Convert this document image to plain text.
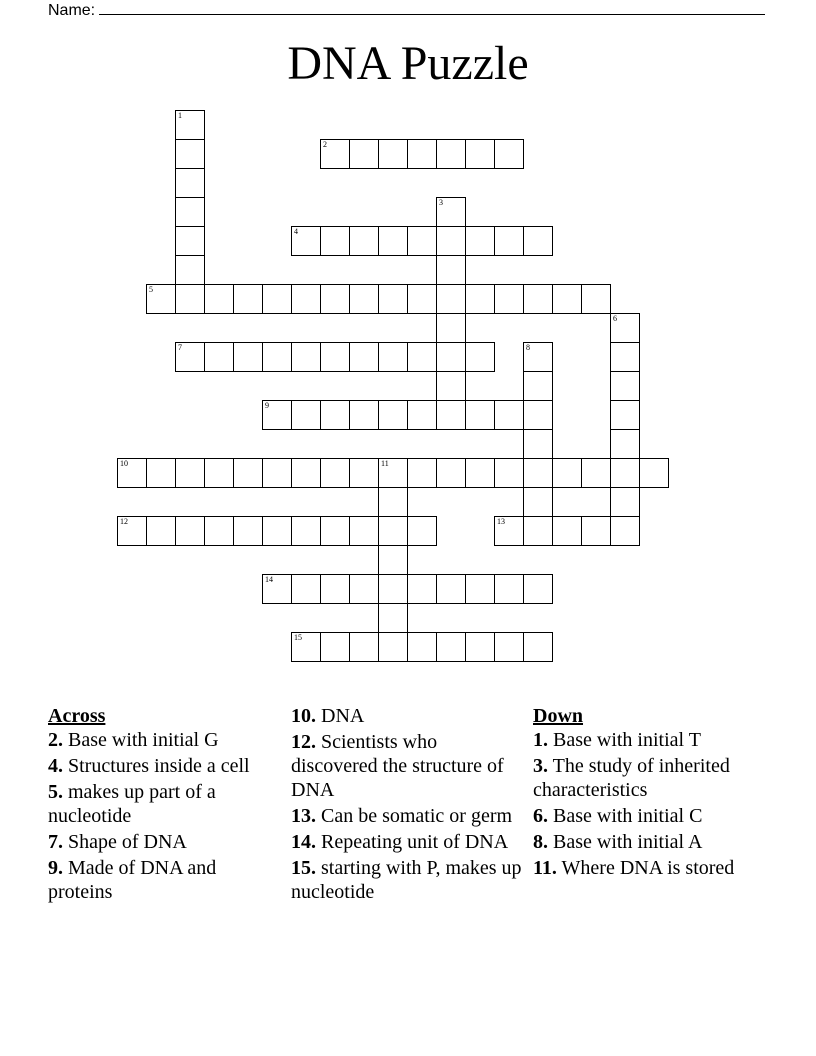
Name:
DNA Puzzle
1
2
3
4
5
6
7	8
9
10	11
12	13
14
15
Across
2. Base with initial G
4. Structures inside a cell
5. makes up part of a nucleotide
7. Shape of DNA
9. Made of DNA and proteins
10. DNA
12. Scientists who discovered the structure of DNA
13. Can be somatic or germ
14. Repeating unit of DNA
15. starting with P, makes up nucleotide
Down
1. Base with initial T
3. The study of inherited characteristics
6. Base with initial C
8. Base with initial A
11. Where DNA is stored
